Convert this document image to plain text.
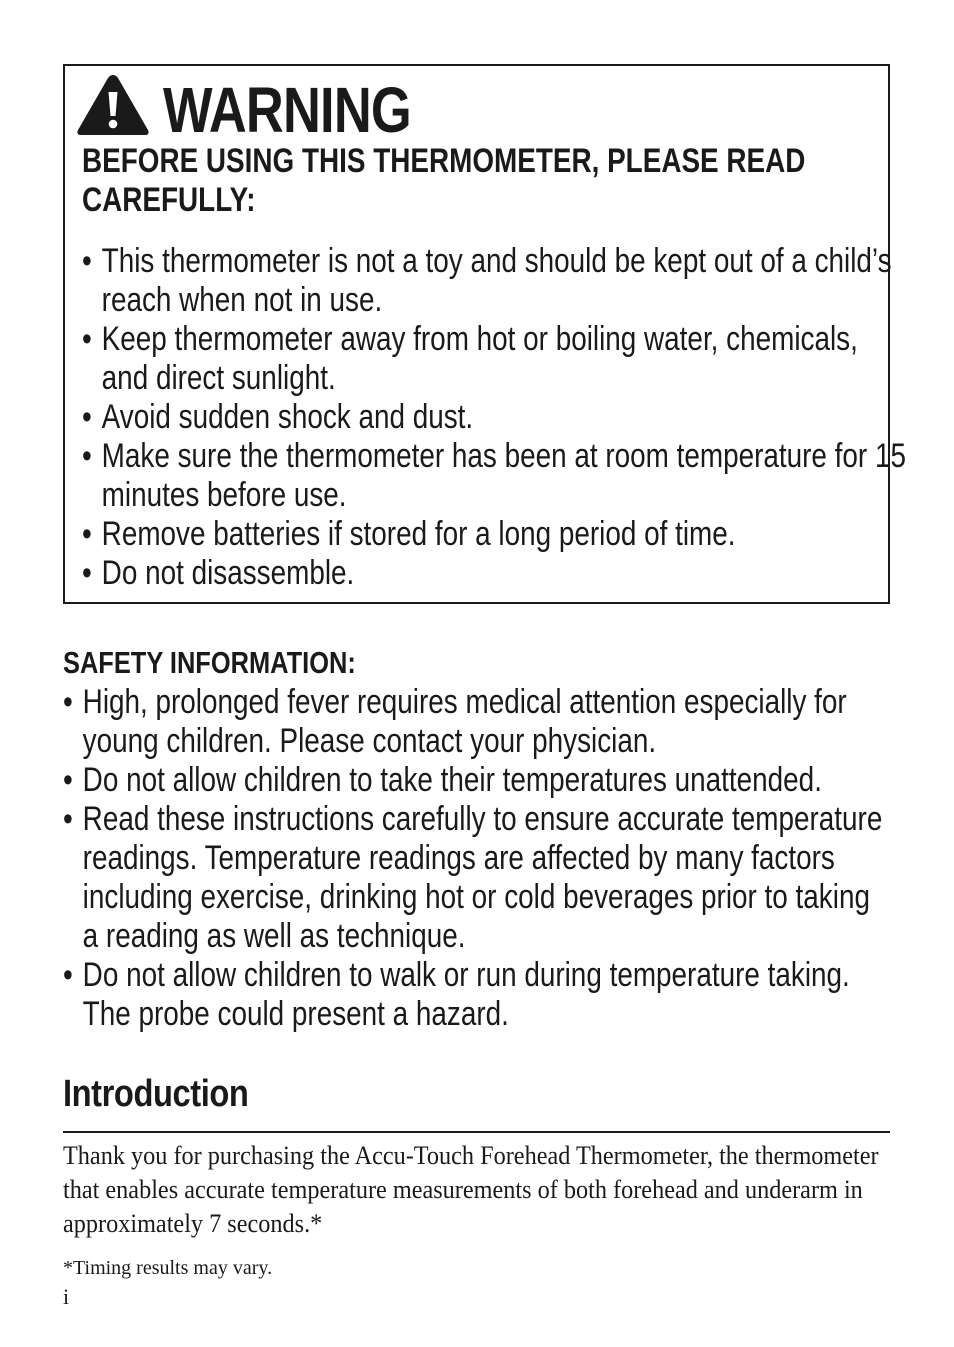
WARNING

BEFORE USING THIS THERMOMETER, PLEASE READ CAREFULLY:

• This thermometer is not a toy and should be kept out of a child’s reach when not in use.
• Keep thermometer away from hot or boiling water, chemicals, and direct sunlight.
• Avoid sudden shock and dust.
• Make sure the thermometer has been at room temperature for 15 minutes before use.
• Remove batteries if stored for a long period of time.
• Do not disassemble.
SAFETY INFORMATION:
• High, prolonged fever requires medical attention especially for young children. Please contact your physician.
• Do not allow children to take their temperatures unattended.
• Read these instructions carefully to ensure accurate temperature readings. Temperature readings are affected by many factors including exercise, drinking hot or cold beverages prior to taking a reading as well as technique.
• Do not allow children to walk or run during temperature taking. The probe could present a hazard.
Introduction

Thank you for purchasing the Accu-Touch Forehead Thermometer, the thermometer that enables accurate temperature measurements of both forehead and underarm in approximately 7 seconds.*

*Timing results may vary.

i
